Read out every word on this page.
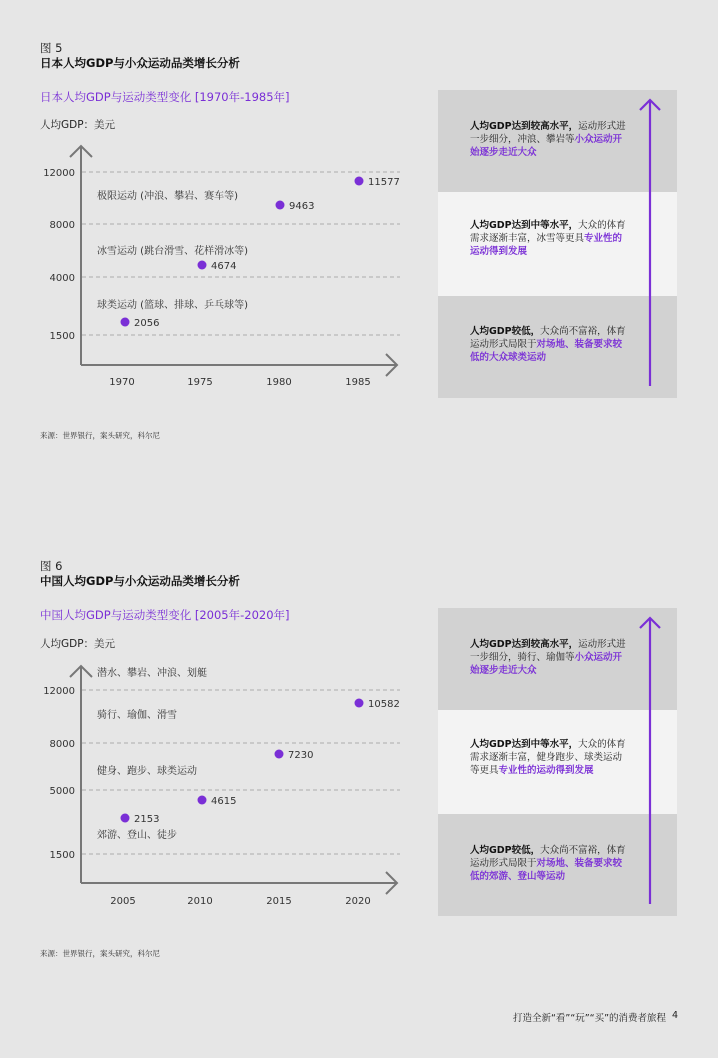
图 5
日本人均GDP与小众运动品类增长分析
日本人均GDP与运动类型变化 [1970年-1985年]
人均GDP：美元
12000
8000
4000
1500
1970	1975	1980	1985
极限运动 (冲浪、攀岩、赛车等)
冰雪运动 (跳台滑雪、花样滑冰等)
球类运动 (篮球、排球、乒乓球等)
2056
4674
9463
11577
人均GDP达到较高水平，运动形式进一步细分，冲浪、攀岩等小众运动开始逐步走近大众
人均GDP达到中等水平，大众的体育需求逐渐丰富，冰雪等更具专业性的运动得到发展
人均GDP较低，大众尚不富裕，体育运动形式局限于对场地、装备要求较低的大众球类运动
来源：世界银行，案头研究，科尔尼
图 6
中国人均GDP与小众运动品类增长分析
中国人均GDP与运动类型变化 [2005年-2020年]
人均GDP：美元
12000
8000
5000
1500
2005	2010	2015	2020
潜水、攀岩、冲浪、划艇
骑行、瑜伽、滑雪
健身、跑步、球类运动
郊游、登山、徒步
2153
4615
7230
10582
人均GDP达到较高水平，运动形式进一步细分，骑行、瑜伽等小众运动开始逐步走近大众
人均GDP达到中等水平，大众的体育需求逐渐丰富，健身跑步、球类运动等更具专业性的运动得到发展
人均GDP较低，大众尚不富裕，体育运动形式局限于对场地、装备要求较低的郊游、登山等运动
来源：世界银行，案头研究，科尔尼
打造全新“看”“玩”“买”的消费者旅程 4
